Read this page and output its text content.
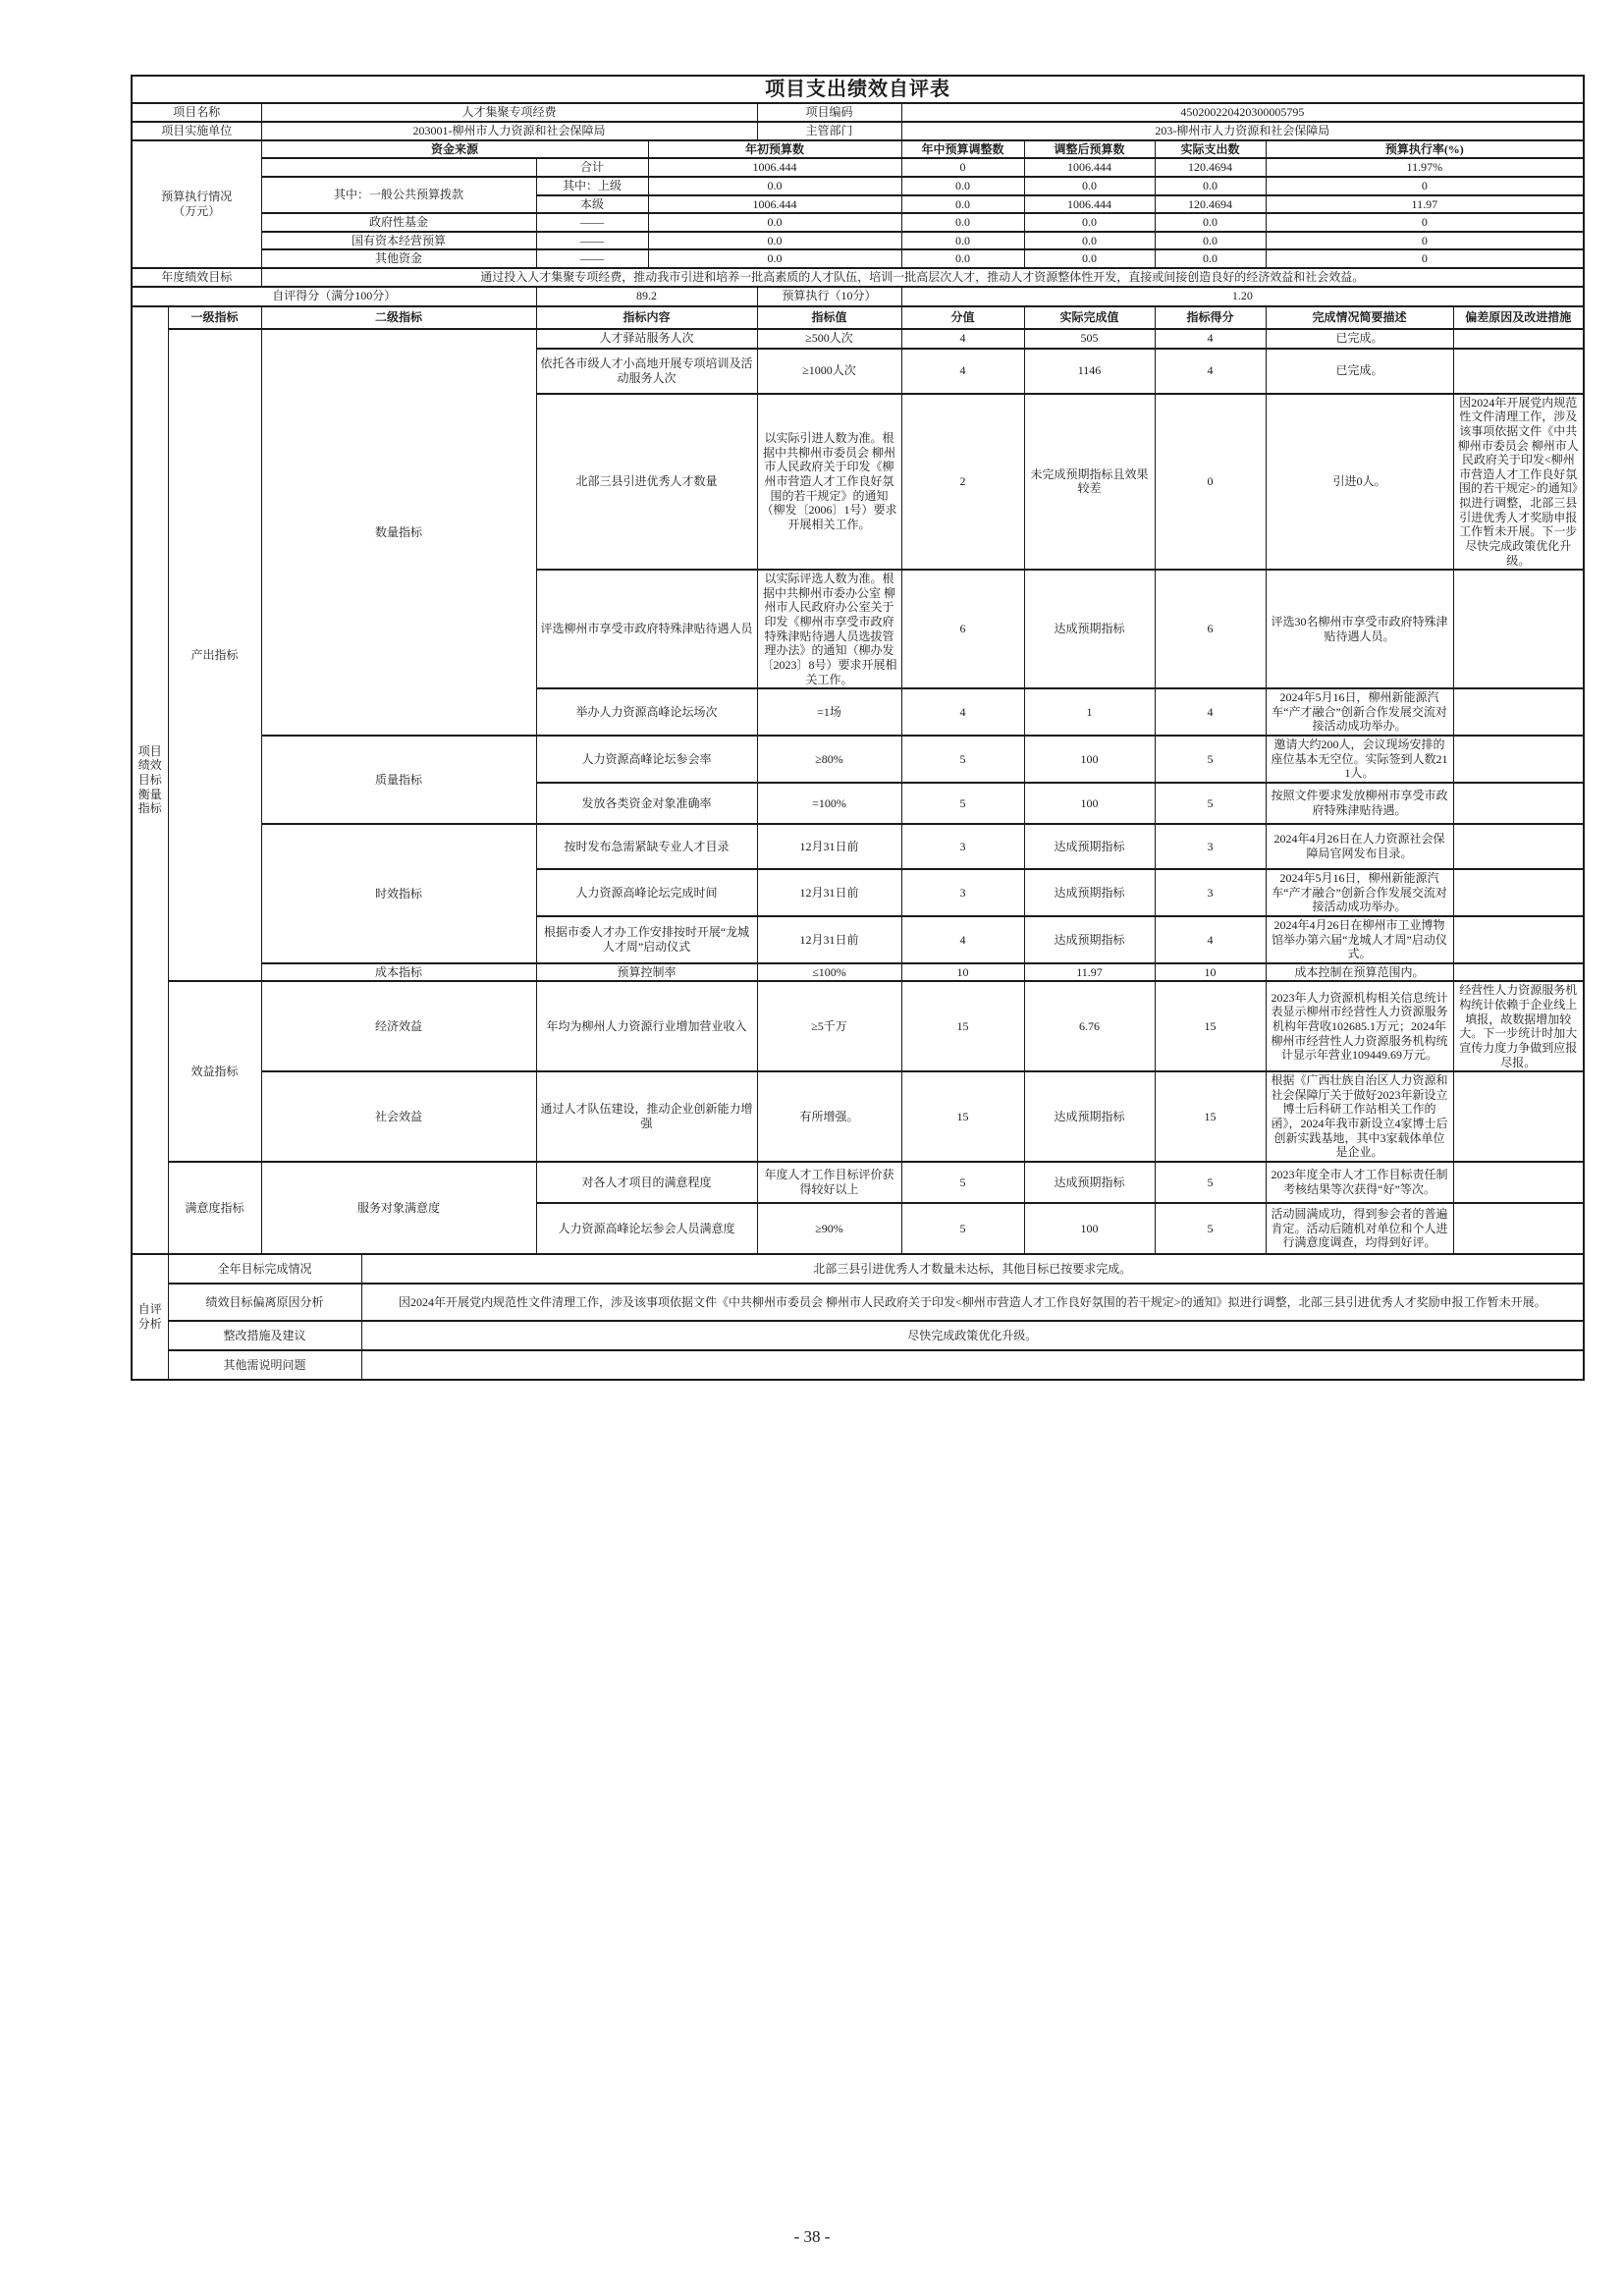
项目支出绩效自评表											
项目名称		人才集聚专项经费				项目编码	450200220420300005795				
项目实施单位		203001-柳州市人力资源和社会保障局				主管部门	203-柳州市人力资源和社会保障局				
预算执行情况（万元）		资金来源			年初预算数		年中预算调整数	调整后预算数	实际支出数	预算执行率(%)	
				合计	1006.444		0	1006.444	120.4694	11.97%	
		其中：一般公共预算拨款		其中：上级	0.0		0.0	0.0	0.0	0	
				本级	1006.444		0.0	1006.444	120.4694	11.97	
		政府性基金		——	0.0		0.0	0.0	0.0	0	
		国有资本经营预算		——	0.0		0.0	0.0	0.0	0	
		其他资金		——	0.0		0.0	0.0	0.0	0	
年度绩效目标		通过投入人才集聚专项经费，推动我市引进和培养一批高素质的人才队伍，培训一批高层次人才，推动人才资源整体性开发，直接或间接创造良好的经济效益和社会效益。									
自评得分（满分100分）				89.2		预算执行（10分）	1.20				
项目绩效目标衡量指标	一级指标	二级指标		指标内容		指标值	分值	实际完成值	指标得分	完成情况简要描述	偏差原因及改进措施
	产出指标	数量指标		人才驿站服务人次		≥500人次	4	505	4	已完成。	
				依托各市级人才小高地开展专项培训及活动服务人次		≥1000人次	4	1146	4	已完成。	
				北部三县引进优秀人才数量		以实际引进人数为准。根据中共柳州市委员会 柳州市人民政府关于印发《柳州市营造人才工作良好氛围的若干规定》的通知（柳发〔2006〕1号）要求开展相关工作。	2	未完成预期指标且效果较差	0	引进0人。	因2024年开展党内规范性文件清理工作，涉及该事项依据文件《中共柳州市委员会 柳州市人民政府关于印发<柳州市营造人才工作良好氛围的若干规定>的通知》拟进行调整，北部三县引进优秀人才奖励申报工作暂未开展。下一步尽快完成政策优化升级。
				评选柳州市享受市政府特殊津贴待遇人员		以实际评选人数为准。根据中共柳州市委办公室 柳州市人民政府办公室关于印发《柳州市享受市政府特殊津贴待遇人员选拔管理办法》的通知（柳办发〔2023〕8号）要求开展相关工作。	6	达成预期指标	6	评选30名柳州市享受市政府特殊津贴待遇人员。	
				举办人力资源高峰论坛场次		=1场	4	1	4	2024年5月16日，柳州新能源汽车“产才融合”创新合作发展交流对接活动成功举办。	
		质量指标		人力资源高峰论坛参会率		≥80%	5	100	5	邀请大约200人，会议现场安排的座位基本无空位。实际签到人数211人。	
				发放各类资金对象准确率		=100%	5	100	5	按照文件要求发放柳州市享受市政府特殊津贴待遇。	
		时效指标		按时发布急需紧缺专业人才目录		12月31日前	3	达成预期指标	3	2024年4月26日在人力资源社会保障局官网发布目录。	
				人力资源高峰论坛完成时间		12月31日前	3	达成预期指标	3	2024年5月16日，柳州新能源汽车“产才融合”创新合作发展交流对接活动成功举办。	
				根据市委人才办工作安排按时开展“龙城人才周”启动仪式		12月31日前	4	达成预期指标	4	2024年4月26日在柳州市工业博物馆举办第六届“龙城人才周”启动仪式。	
		成本指标		预算控制率		≤100%	10	11.97	10	成本控制在预算范围内。	
	效益指标	经济效益		年均为柳州人力资源行业增加营业收入		≥5千万	15	6.76	15	2023年人力资源机构相关信息统计表显示柳州市经营性人力资源服务机构年营收102685.1万元；2024年柳州市经营性人力资源服务机构统计显示年营业109449.69万元。	经营性人力资源服务机构统计依赖于企业线上填报，故数据增加较大。下一步统计时加大宣传力度力争做到应报尽报。
		社会效益		通过人才队伍建设，推动企业创新能力增强		有所增强。	15	达成预期指标	15	根据《广西壮族自治区人力资源和社会保障厅关于做好2023年新设立博士后科研工作站相关工作的函》，2024年我市新设立4家博士后创新实践基地，其中3家载体单位是企业。	
	满意度指标	服务对象满意度		对各人才项目的满意程度		年度人才工作目标评价获得较好以上	5	达成预期指标	5	2023年度全市人才工作目标责任制考核结果等次获得“好”等次。	
				人力资源高峰论坛参会人员满意度		≥90%	5	100	5	活动圆满成功，得到参会者的普遍肯定。活动后随机对单位和个人进行满意度调查，均得到好评。	
自评分析	全年目标完成情况		北部三县引进优秀人才数量未达标，其他目标已按要求完成。								
	绩效目标偏离原因分析		因2024年开展党内规范性文件清理工作，涉及该事项依据文件《中共柳州市委员会 柳州市人民政府关于印发<柳州市营造人才工作良好氛围的若干规定>的通知》拟进行调整，北部三县引进优秀人才奖励申报工作暂未开展。								
	整改措施及建议		尽快完成政策优化升级。								
	其他需说明问题										
- 38 -
